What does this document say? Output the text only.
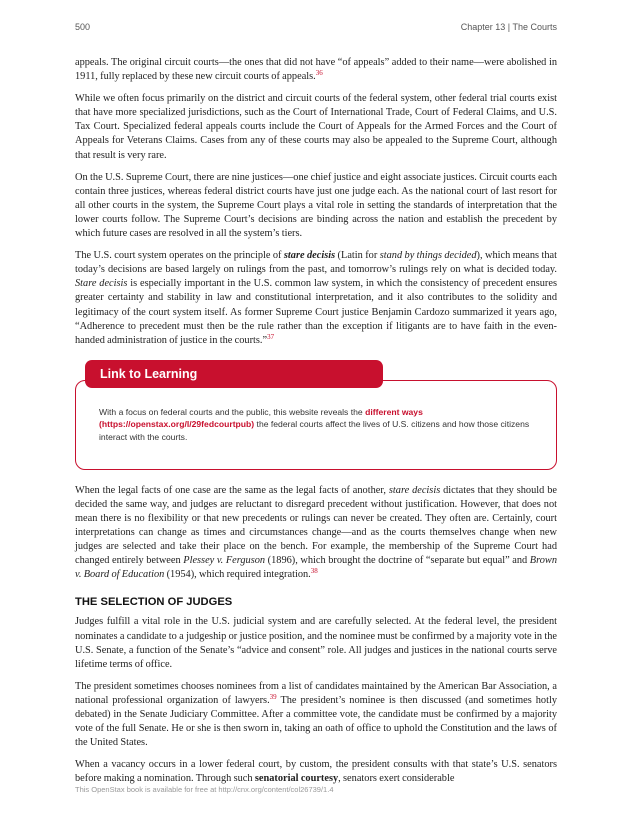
500	Chapter 13 | The Courts

appeals. The original circuit courts—the ones that did not have “of appeals” added to their name—were abolished in 1911, fully replaced by these new circuit courts of appeals.$^{36}$

While we often focus primarily on the district and circuit courts of the federal system, other federal trial courts exist that have more specialized jurisdictions, such as the Court of International Trade, Court of Federal Claims, and U.S. Tax Court. Specialized federal appeals courts include the Court of Appeals for the Armed Forces and the Court of Appeals for Veterans Claims. Cases from any of these courts may also be appealed to the Supreme Court, although that result is very rare.

On the U.S. Supreme Court, there are nine justices—one chief justice and eight associate justices. Circuit courts each contain three justices, whereas federal district courts have just one judge each. As the national court of last resort for all other courts in the system, the Supreme Court plays a vital role in setting the standards of interpretation that the lower courts follow. The Supreme Court’s decisions are binding across the nation and establish the precedent by which future cases are resolved in all the system’s tiers.

The U.S. court system operates on the principle of stare decisis (Latin for stand by things decided), which means that today’s decisions are based largely on rulings from the past, and tomorrow’s rulings rely on what is decided today. Stare decisis is especially important in the U.S. common law system, in which the consistency of precedent ensures greater certainty and stability in law and constitutional interpretation, and it also contributes to the solidity and legitimacy of the court system itself. As former Supreme Court justice Benjamin Cardozo summarized it years ago, “Adherence to precedent must then be the rule rather than the exception if litigants are to have faith in the even-handed administration of justice in the courts.”$^{37}$

Link to Learning
With a focus on federal courts and the public, this website reveals the different ways (https://openstax.org/l/29fedcourtpub) the federal courts affect the lives of U.S. citizens and how those citizens interact with the courts.

When the legal facts of one case are the same as the legal facts of another, stare decisis dictates that they should be decided the same way, and judges are reluctant to disregard precedent without justification. However, that does not mean there is no flexibility or that new precedents or rulings can never be created. They often are. Certainly, court interpretations can change as times and circumstances change—and as the courts themselves change when new judges are selected and take their place on the bench. For example, the membership of the Supreme Court had changed entirely between Plessey v. Ferguson (1896), which brought the doctrine of “separate but equal” and Brown v. Board of Education (1954), which required integration.$^{38}$

THE SELECTION OF JUDGES

Judges fulfill a vital role in the U.S. judicial system and are carefully selected. At the federal level, the president nominates a candidate to a judgeship or justice position, and the nominee must be confirmed by a majority vote in the U.S. Senate, a function of the Senate’s “advice and consent” role. All judges and justices in the national courts serve lifetime terms of office.

The president sometimes chooses nominees from a list of candidates maintained by the American Bar Association, a national professional organization of lawyers.$^{39}$ The president’s nominee is then discussed (and sometimes hotly debated) in the Senate Judiciary Committee. After a committee vote, the candidate must be confirmed by a majority vote of the full Senate. He or she is then sworn in, taking an oath of office to uphold the Constitution and the laws of the United States.

When a vacancy occurs in a lower federal court, by custom, the president consults with that state’s U.S. senators before making a nomination. Through such senatorial courtesy, senators exert considerable

This OpenStax book is available for free at http://cnx.org/content/col26739/1.4
